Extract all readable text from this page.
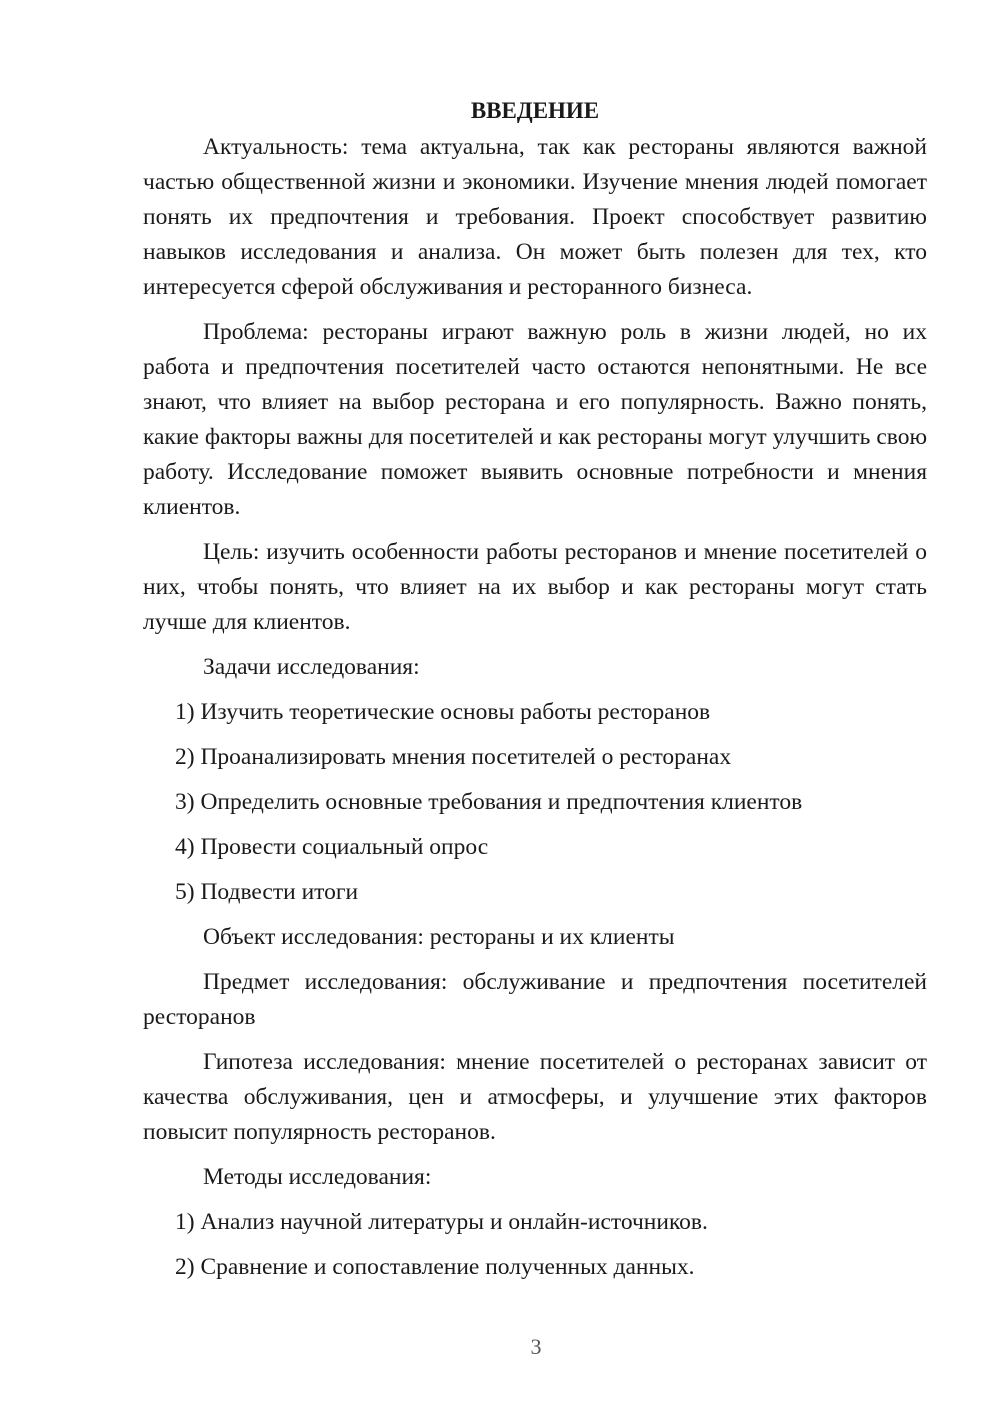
ВВЕДЕНИЕ

Актуальность: тема актуальна, так как рестораны являются важной частью общественной жизни и экономики. Изучение мнения людей помогает понять их предпочтения и требования. Проект способствует развитию навыков исследования и анализа. Он может быть полезен для тех, кто интересуется сферой обслуживания и ресторанного бизнеса.

Проблема: рестораны играют важную роль в жизни людей, но их работа и предпочтения посетителей часто остаются непонятными. Не все знают, что влияет на выбор ресторана и его популярность. Важно понять, какие факторы важны для посетителей и как рестораны могут улучшить свою работу. Исследование поможет выявить основные потребности и мнения клиентов.

Цель: изучить особенности работы ресторанов и мнение посетителей о них, чтобы понять, что влияет на их выбор и как рестораны могут стать лучше для клиентов.

Задачи исследования:
1) Изучить теоретические основы работы ресторанов
2) Проанализировать мнения посетителей о ресторанах
3) Определить основные требования и предпочтения клиентов
4) Провести социальный опрос
5) Подвести итоги
Объект исследования: рестораны и их клиенты

Предмет исследования: обслуживание и предпочтения посетителей ресторанов

Гипотеза исследования: мнение посетителей о ресторанах зависит от качества обслуживания, цен и атмосферы, и улучшение этих факторов повысит популярность ресторанов.

Методы исследования:
1) Анализ научной литературы и онлайн-источников.
2) Сравнение и сопоставление полученных данных.
3
